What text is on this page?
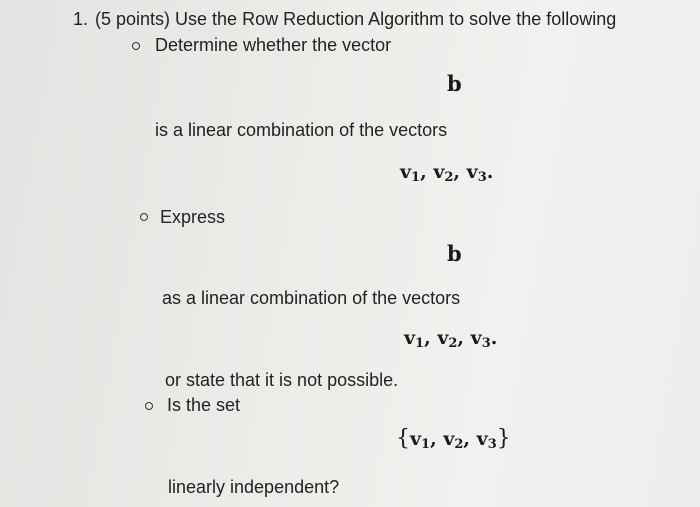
1. (5 points) Use the Row Reduction Algorithm to solve the following
Determine whether the vector
b
is a linear combination of the vectors
$v_1$, $v_2$, $v_3$.
Express
b
as a linear combination of the vectors
$v_1$, $v_2$, $v_3$.
or state that it is not possible.
Is the set
{$v_1$, $v_2$, $v_3$}
linearly independent?
